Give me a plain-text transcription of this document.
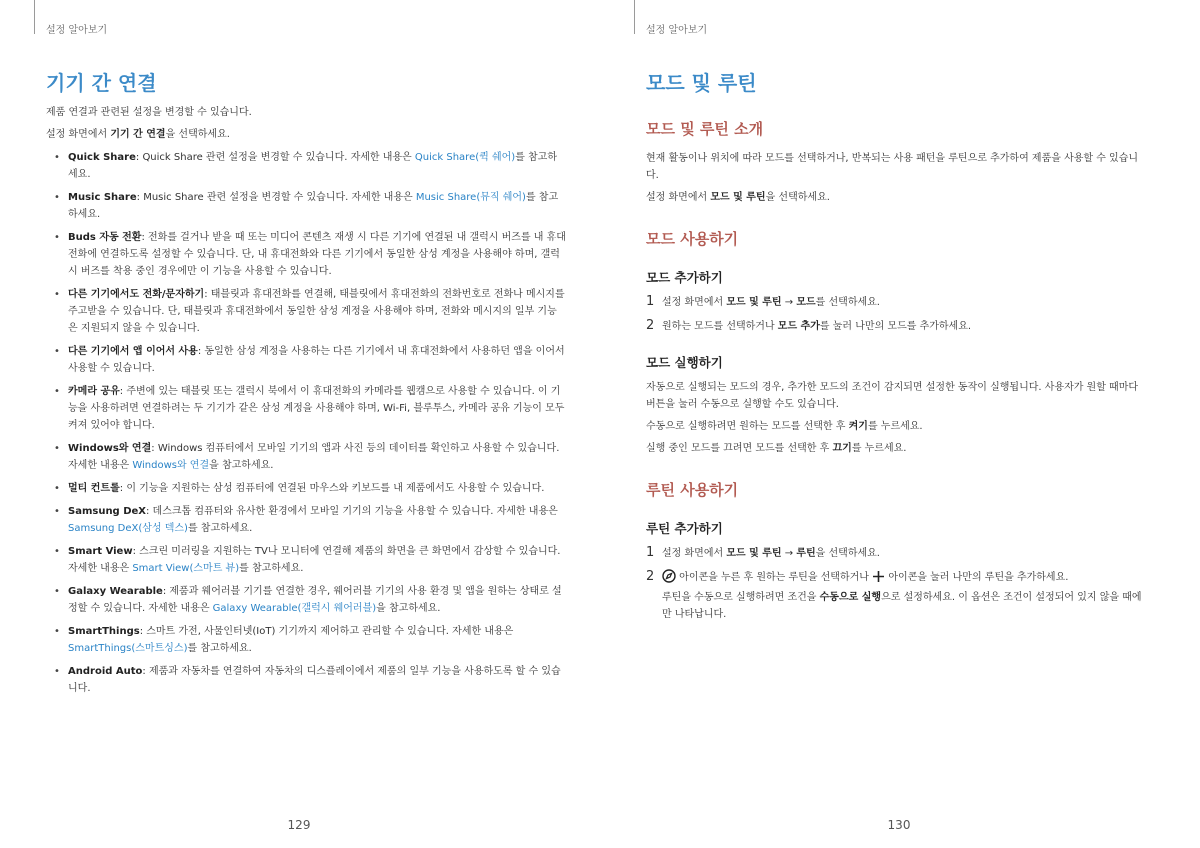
설정 알아보기
기기 간 연결

제품 연결과 관련된 설정을 변경할 수 있습니다.

설정 화면에서 기기 간 연결을 선택하세요.

• Quick Share: Quick Share 관련 설정을 변경할 수 있습니다. 자세한 내용은 Quick Share(퀵 쉐어)를 참고하세요.
• Music Share: Music Share 관련 설정을 변경할 수 있습니다. 자세한 내용은 Music Share(뮤직 쉐어)를 참고하세요.
• Buds 자동 전환: 전화를 걸거나 받을 때 또는 미디어 콘텐츠 재생 시 다른 기기에 연결된 내 갤럭시 버즈를 내 휴대전화에 연결하도록 설정할 수 있습니다. 단, 내 휴대전화와 다른 기기에서 동일한 삼성 계정을 사용해야 하며, 갤럭시 버즈를 착용 중인 경우에만 이 기능을 사용할 수 있습니다.
• 다른 기기에서도 전화/문자하기: 태블릿과 휴대전화를 연결해, 태블릿에서 휴대전화의 전화번호로 전화나 메시지를 주고받을 수 있습니다. 단, 태블릿과 휴대전화에서 동일한 삼성 계정을 사용해야 하며, 전화와 메시지의 일부 기능은 지원되지 않을 수 있습니다.
• 다른 기기에서 앱 이어서 사용: 동일한 삼성 계정을 사용하는 다른 기기에서 내 휴대전화에서 사용하던 앱을 이어서 사용할 수 있습니다.
• 카메라 공유: 주변에 있는 태블릿 또는 갤럭시 북에서 이 휴대전화의 카메라를 웹캠으로 사용할 수 있습니다. 이 기능을 사용하려면 연결하려는 두 기기가 같은 삼성 계정을 사용해야 하며, Wi-Fi, 블루투스, 카메라 공유 기능이 모두 켜져 있어야 합니다.
• Windows와 연결: Windows 컴퓨터에서 모바일 기기의 앱과 사진 등의 데이터를 확인하고 사용할 수 있습니다. 자세한 내용은 Windows와 연결을 참고하세요.
• 멀티 컨트롤: 이 기능을 지원하는 삼성 컴퓨터에 연결된 마우스와 키보드를 내 제품에서도 사용할 수 있습니다.
• Samsung DeX: 데스크톱 컴퓨터와 유사한 환경에서 모바일 기기의 기능을 사용할 수 있습니다. 자세한 내용은 Samsung DeX(삼성 덱스)를 참고하세요.
• Smart View: 스크린 미러링을 지원하는 TV나 모니터에 연결해 제품의 화면을 큰 화면에서 감상할 수 있습니다. 자세한 내용은 Smart View(스마트 뷰)를 참고하세요.
• Galaxy Wearable: 제품과 웨어러블 기기를 연결한 경우, 웨어러블 기기의 사용 환경 및 앱을 원하는 상태로 설정할 수 있습니다. 자세한 내용은 Galaxy Wearable(갤럭시 웨어러블)을 참고하세요.
• SmartThings: 스마트 가전, 사물인터넷(IoT) 기기까지 제어하고 관리할 수 있습니다. 자세한 내용은 SmartThings(스마트싱스)를 참고하세요.
• Android Auto: 제품과 자동차를 연결하여 자동차의 디스플레이에서 제품의 일부 기능을 사용하도록 할 수 있습니다.
129
설정 알아보기
모드 및 루틴
모드 및 루틴 소개

현재 활동이나 위치에 따라 모드를 선택하거나, 반복되는 사용 패턴을 루틴으로 추가하여 제품을 사용할 수 있습니다.

설정 화면에서 모드 및 루틴을 선택하세요.

모드 사용하기
모드 추가하기
1 설정 화면에서 모드 및 루틴 → 모드를 선택하세요.
2 원하는 모드를 선택하거나 모드 추가를 눌러 나만의 모드를 추가하세요.
모드 실행하기

자동으로 실행되는 모드의 경우, 추가한 모드의 조건이 감지되면 설정한 동작이 실행됩니다. 사용자가 원할 때마다 버튼을 눌러 수동으로 실행할 수도 있습니다.

수동으로 실행하려면 원하는 모드를 선택한 후 켜기를 누르세요.

실행 중인 모드를 끄려면 모드를 선택한 후 끄기를 누르세요.

루틴 사용하기
루틴 추가하기
1 설정 화면에서 모드 및 루틴 → 루틴을 선택하세요.
2 아이콘을 누른 후 원하는 루틴을 선택하거나  아이콘을 눌러 나만의 루틴을 추가하세요.
루틴을 수동으로 실행하려면 조건을 수동으로 실행으로 설정하세요. 이 옵션은 조건이 설정되어 있지 않을 때에만 나타납니다.
130
